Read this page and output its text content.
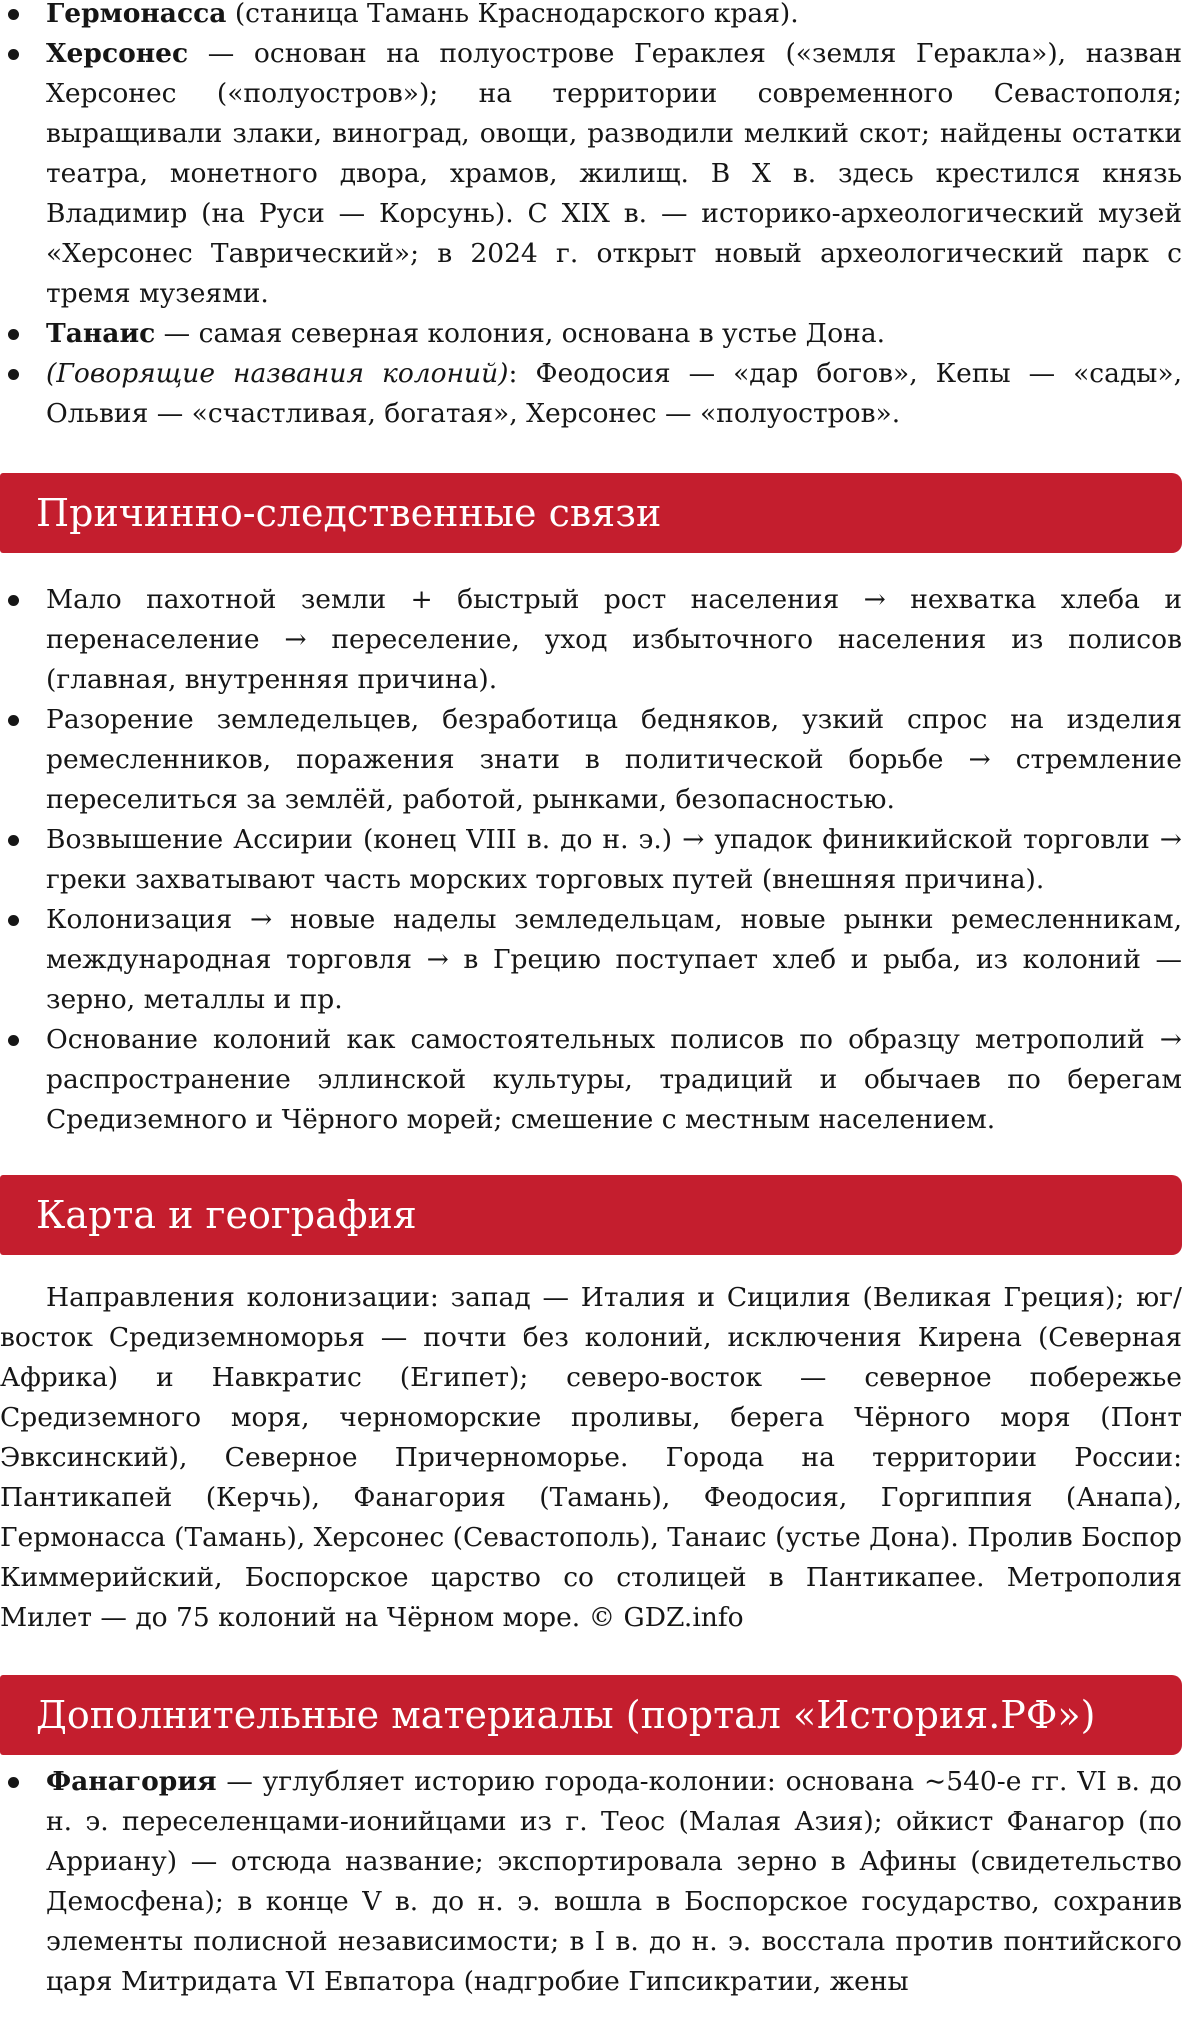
Гермонасса (станица Тамань Краснодарского края).
Херсонес — основан на полуострове Гераклея («земля Геракла»), назван Херсонес («полуостров»); на территории современного Севастополя; выращивали злаки, виноград, овощи, разводили мелкий скот; найдены остатки театра, монетного двора, храмов, жилищ. В X в. здесь крестился князь Владимир (на Руси — Корсунь). С XIX в. — историко-археологический музей «Херсонес Таврический»; в 2024 г. открыт новый археологический парк с тремя музеями.
Танаис — самая северная колония, основана в устье Дона.
(Говорящие названия колоний): Феодосия — «дар богов», Кепы — «сады», Ольвия — «счастливая, богатая», Херсонес — «полуостров».
Причинно-следственные связи
Мало пахотной земли + быстрый рост населения → нехватка хлеба и перенаселение → переселение, уход избыточного населения из полисов (главная, внутренняя причина).
Разорение земледельцев, безработица бедняков, узкий спрос на изделия ремесленников, поражения знати в политической борьбе → стремление переселиться за землёй, работой, рынками, безопасностью.
Возвышение Ассирии (конец VIII в. до н. э.) → упадок финикийской торговли → греки захватывают часть морских торговых путей (внешняя причина).
Колонизация → новые наделы земледельцам, новые рынки ремесленникам, международная торговля → в Грецию поступает хлеб и рыба, из колоний — зерно, металлы и пр.
Основание колоний как самостоятельных полисов по образцу метрополий → распространение эллинской культуры, традиций и обычаев по берегам Средиземного и Чёрного морей; смешение с местным населением.
Карта и география

Направления колонизации: запад — Италия и Сицилия (Великая Греция); юг/восток Средиземноморья — почти без колоний, исключения Кирена (Северная Африка) и Навкратис (Египет); северо-восток — северное побережье Средиземного моря, черноморские проливы, берега Чёрного моря (Понт Эвксинский), Северное Причерноморье. Города на территории России: Пантикапей (Керчь), Фанагория (Тамань), Феодосия, Горгиппия (Анапа), Гермонасса (Тамань), Херсонес (Севастополь), Танаис (устье Дона). Пролив Боспор Киммерийский, Боспорское царство со столицей в Пантикапее. Метрополия Милет — до 75 колоний на Чёрном море. © GDZ.info

Дополнительные материалы (портал «История.РФ»)
Фанагория — углубляет историю города-колонии: основана ∼540-е гг. VI в. до н. э. переселенцами-ионийцами из г. Теос (Малая Азия); ойкист Фанагор (по Арриану) — отсюда название; экспортировала зерно в Афины (свидетельство Демосфена); в конце V в. до н. э. вошла в Боспорское государство, сохранив элементы полисной независимости; в I в. до н. э. восстала против понтийского царя Митридата VI Евпатора (надгробие Гипсикратии, жены
